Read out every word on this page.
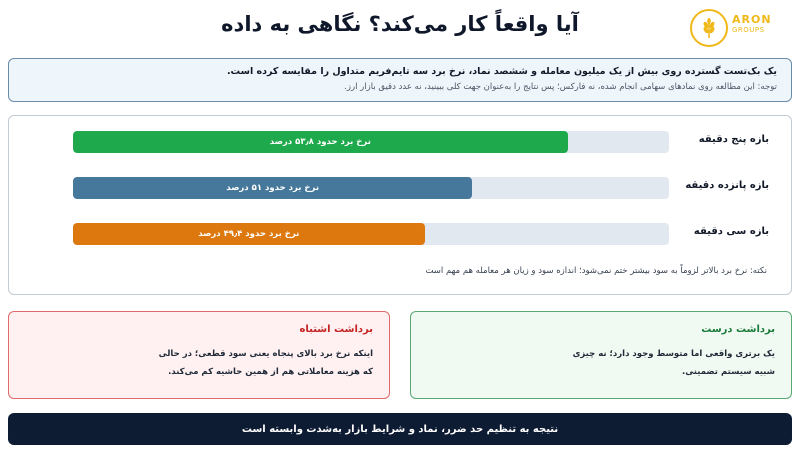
آیا واقعاً کار می‌کند؟ نگاهی به داده	ARON
GROUPS
یک بک‌تست گسترده روی بیش از یک میلیون معامله و ششصد نماد، نرخ برد سه تایم‌فریم متداول را مقایسه کرده است.
توجه: این مطالعه روی نمادهای سهامی انجام شده، نه فارکس؛ پس نتایج را به‌عنوان جهت کلی ببینید، نه عدد دقیق بازار ارز.
بازه پنج دقیقه
نرخ برد حدود ۵۳٫۸ درصد
بازه پانزده دقیقه
نرخ برد حدود ۵۱ درصد
بازه سی دقیقه
نرخ برد حدود ۴۹٫۴ درصد
نکته: نرخ برد بالاتر لزوماً به سود بیشتر ختم نمی‌شود؛ اندازه سود و زیان هر معامله هم مهم است
برداشت درست
یک برتری واقعی اما متوسط وجود دارد؛ نه چیزی
شبیه سیستم تضمینی.
برداشت اشتباه
اینکه نرخ برد بالای پنجاه یعنی سود قطعی؛ در حالی
که هزینه معاملاتی هم از همین حاشیه کم می‌کند.
نتیجه به تنظیم حد ضرر، نماد و شرایط بازار به‌شدت وابسته است
